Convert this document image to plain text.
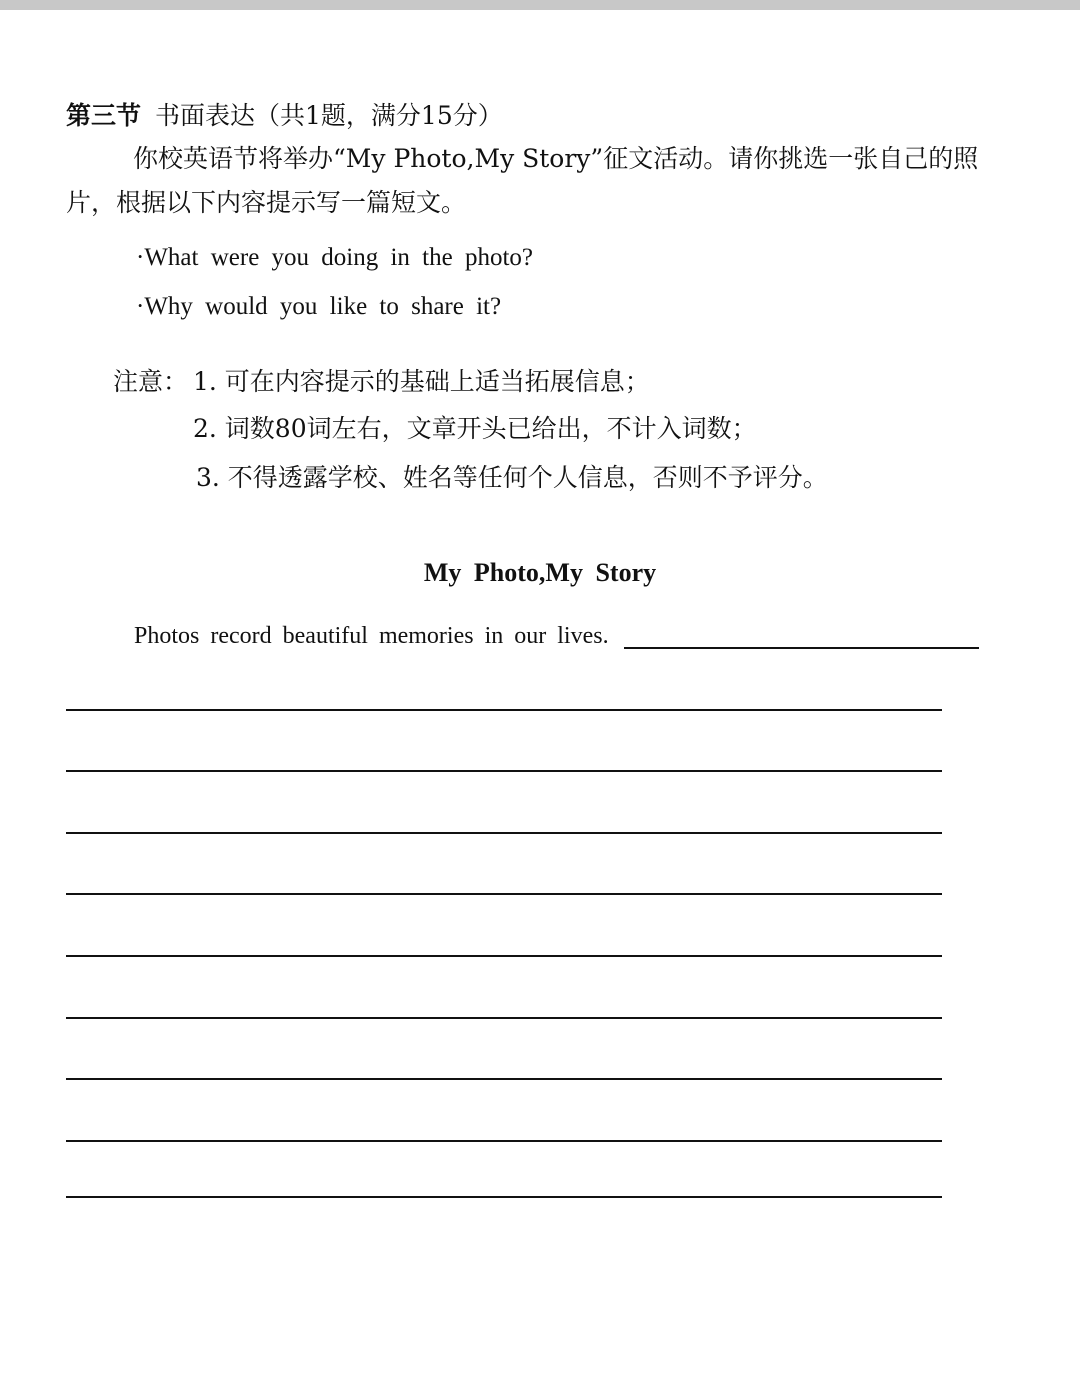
第三节 书面表达（共1题，满分15分）
你校英语节将举办“My Photo,My Story”征文活动。请你挑选一张自己的照
片，根据以下内容提示写一篇短文。
·What were you doing in the photo?
·Why would you like to share it?
注意： 1. 可在内容提示的基础上适当拓展信息；
2. 词数80词左右，文章开头已给出，不计入词数；
3. 不得透露学校、姓名等任何个人信息，否则不予评分。
My Photo,My Story
Photos record beautiful memories in our lives.
